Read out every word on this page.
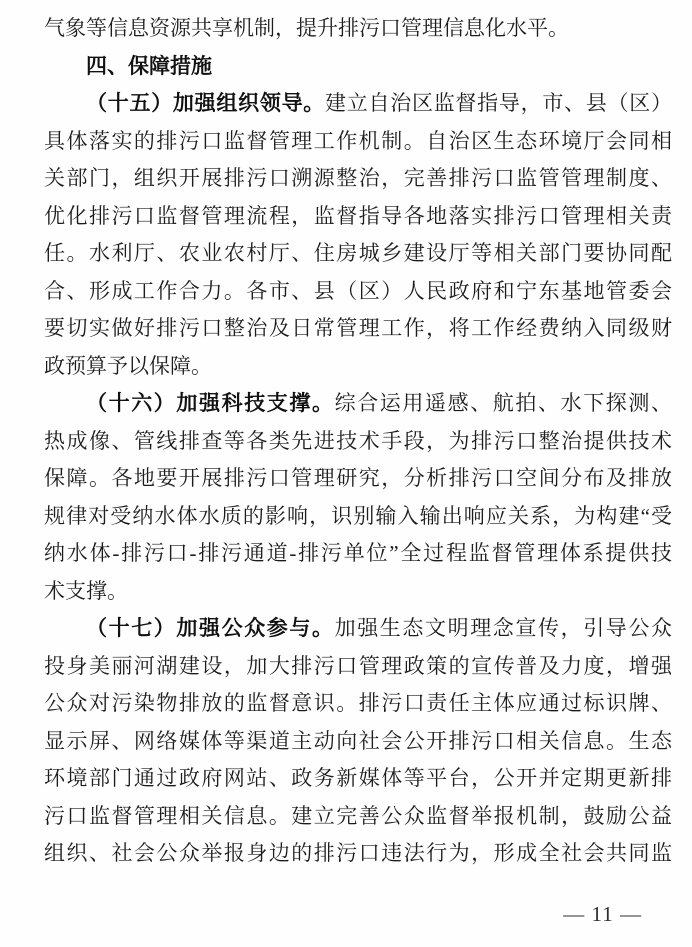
气象等信息资源共享机制，提升排污口管理信息化水平。
四、保障措施
（十五）加强组织领导。建立自治区监督指导，市、县（区）
具体落实的排污口监督管理工作机制。自治区生态环境厅会同相
关部门，组织开展排污口溯源整治，完善排污口监管管理制度、
优化排污口监督管理流程，监督指导各地落实排污口管理相关责
任。水利厅、农业农村厅、住房城乡建设厅等相关部门要协同配
合、形成工作合力。各市、县（区）人民政府和宁东基地管委会
要切实做好排污口整治及日常管理工作，将工作经费纳入同级财
政预算予以保障。
（十六）加强科技支撑。综合运用遥感、航拍、水下探测、
热成像、管线排查等各类先进技术手段，为排污口整治提供技术
保障。各地要开展排污口管理研究，分析排污口空间分布及排放
规律对受纳水体水质的影响，识别输入输出响应关系，为构建“受
纳水体-排污口-排污通道-排污单位”全过程监督管理体系提供技
术支撑。
（十七）加强公众参与。加强生态文明理念宣传，引导公众
投身美丽河湖建设，加大排污口管理政策的宣传普及力度，增强
公众对污染物排放的监督意识。排污口责任主体应通过标识牌、
显示屏、网络媒体等渠道主动向社会公开排污口相关信息。生态
环境部门通过政府网站、政务新媒体等平台，公开并定期更新排
污口监督管理相关信息。建立完善公众监督举报机制，鼓励公益
组织、社会公众举报身边的排污口违法行为，形成全社会共同监
— 11 —
